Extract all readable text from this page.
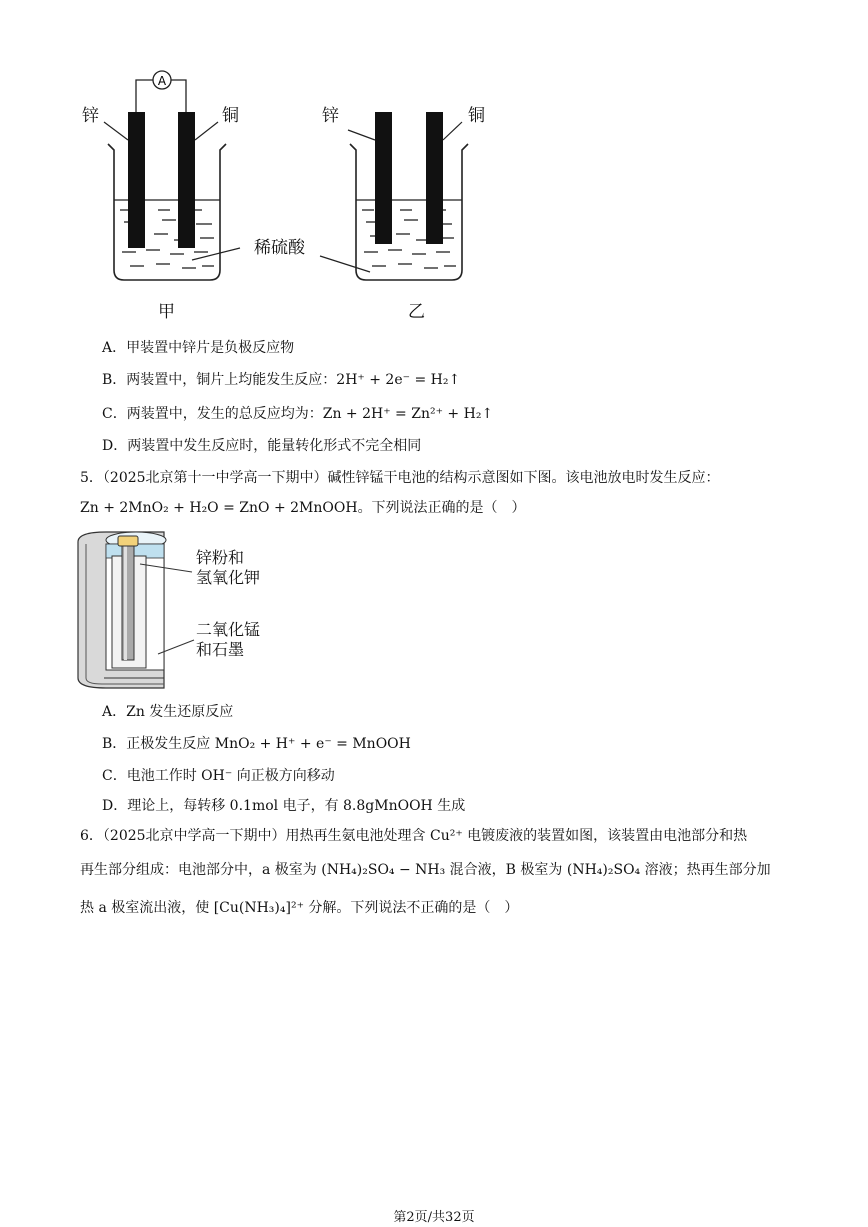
A
锌	铜	锌	铜
稀硫酸
甲	乙
A．甲装置中锌片是负极反应物
B．两装置中，铜片上均能发生反应：2H⁺ + 2e⁻ = H₂↑
C．两装置中，发生的总反应均为：Zn + 2H⁺ = Zn²⁺ + H₂↑
D．两装置中发生反应时，能量转化形式不完全相同
5．（2025北京第十一中学高一下期中）碱性锌锰干电池的结构示意图如下图。该电池放电时发生反应：
Zn + 2MnO₂ + H₂O = ZnO + 2MnOOH。下列说法正确的是（　）
锌粉和
氢氧化钾
二氧化锰
和石墨
A．Zn 发生还原反应
B．正极发生反应 MnO₂ + H⁺ + e⁻ = MnOOH
C．电池工作时 OH⁻ 向正极方向移动
D．理论上，每转移 0.1mol 电子，有 8.8gMnOOH 生成
6．（2025北京中学高一下期中）用热再生氨电池处理含 Cu²⁺ 电镀废液的装置如图，该装置由电池部分和热
再生部分组成：电池部分中，a 极室为 (NH₄)₂SO₄ − NH₃ 混合液，B 极室为 (NH₄)₂SO₄ 溶液；热再生部分加
热 a 极室流出液，使 [Cu(NH₃)₄]²⁺ 分解。下列说法不正确的是（　）
第2页/共32页
